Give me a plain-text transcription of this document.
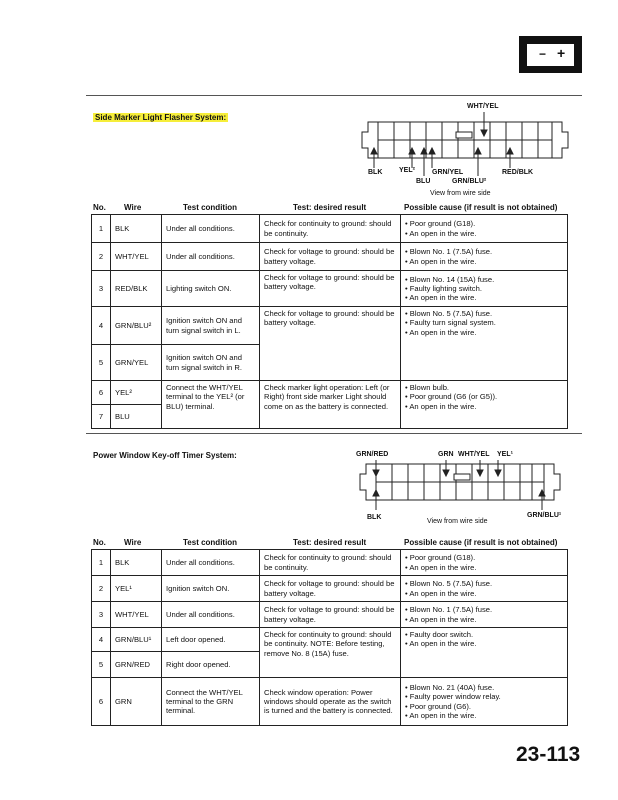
− +
Side Marker Light Flasher System:
WHT/YEL
BLK YEL²
BLU
GRN/YEL
GRN/BLU²
RED/BLK
View from wire side
No. Wire	Test condition	Test: desired result	Possible cause (if result is not obtained)
1	BLK	Under all conditions.	Check for continuity to ground: should be continuity.	• Poor ground (G18).
• An open in the wire.

2	WHT/YEL	Under all conditions.	Check for voltage to ground: should be battery voltage.	• Blown No. 1 (7.5A) fuse.
• An open in the wire.

3	RED/BLK	Lighting switch ON.	Check for voltage to ground: should be battery voltage.	• Blown No. 14 (15A) fuse.
• Faulty lighting switch.
• An open in the wire.

4	GRN/BLU²	Ignition switch ON and turn signal switch in L.	Check for voltage to ground: should be battery voltage.	• Blown No. 5 (7.5A) fuse.
• Faulty turn signal system.
• An open in the wire.

5	GRN/YEL	Ignition switch ON and turn signal switch in R.		
6	YEL²	Connect the WHT/YEL terminal to the YEL² (or BLU) terminal.	Check marker light operation: Left (or Right) front side marker Light should come on as the battery is connected.	• Blown bulb.
• Poor ground (G6 (or G5)).
• An open in the wire.

7	BLU			
Power Window Key-off Timer System:	GRN/RED	GRN WHT/YEL YEL¹
BLK	GRN/BLU¹
View from wire side
No. Wire	Test condition	Test: desired result	Possible cause (if result is not obtained)
1	BLK	Under all conditions.	Check for continuity to ground: should be continuity.	• Poor ground (G18).
• An open in the wire.

2	YEL¹	Ignition switch ON.	Check for voltage to ground: should be battery voltage.	• Blown No. 5 (7.5A) fuse.
• An open in the wire.

3	WHT/YEL	Under all conditions.	Check for voltage to ground: should be battery voltage.	• Blown No. 1 (7.5A) fuse.
• An open in the wire.

4	GRN/BLU¹	Left door opened.	Check for continuity to ground: should be continuity. NOTE: Before testing, remove No. 8 (15A) fuse.	• Faulty door switch.
• An open in the wire.

5	GRN/RED	Right door opened.		
6	GRN	Connect the WHT/YEL terminal to the GRN terminal.	Check window operation: Power windows should operate as the switch is turned and the battery is connected.	• Blown No. 21 (40A) fuse.
• Faulty power window relay.
• Poor ground (G6).
• An open in the wire.
23-113
